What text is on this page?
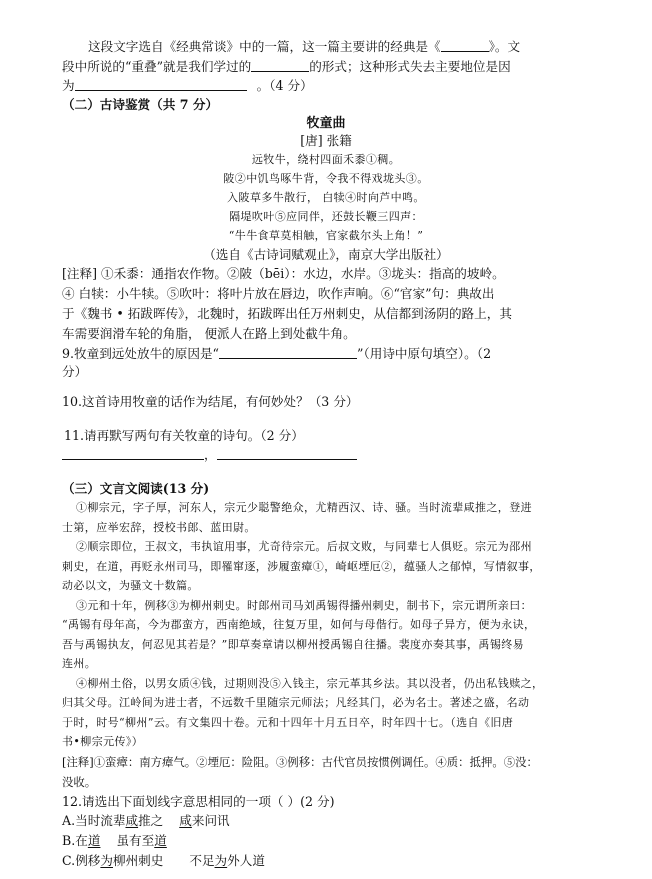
这段文字选自《经典常谈》中的一篇，这一篇主要讲的经典是《	》。文
段中所说的“重叠”就是我们学过的	的形式；这种形式失去主要地位是因
为	。（4 分）
（二）古诗鉴赏（共 7 分）
牧童曲
[唐] 张籍
远牧牛，绕村四面禾黍①稠。
陂②中饥鸟啄牛背，令我不得戏垅头③。
入陂草多牛散行， 白犊④时向芦中鸣。
隔堤吹叶⑤应同伴，还鼓长鞭三四声：
“牛牛食草莫相触，官家截尔头上角！”
（选自《古诗词赋观止》，南京大学出版社）
[注释] ①禾黍：通指农作物。②陂（bēi）：水边，水岸。③垅头：指高的坡岭。
④ 白犊：小牛犊。⑤吹叶：将叶片放在唇边，吹作声响。⑥“官家”句：典故出
于《魏书 • 拓跋晖传》，北魏时，拓跋晖出任万州刺史，从信都到汤阴的路上，其
车需要润滑车轮的角脂， 便派人在路上到处截牛角。
9.牧童到远处放牛的原因是“	”（用诗中原句填空）。（2
分）
10.这首诗用牧童的话作为结尾，有何妙处？（3 分）
11.请再默写两句有关牧童的诗句。（2 分）
，
（三）文言文阅读(13 分)
①柳宗元，字子厚，河东人，宗元少聪警绝众，尤精西汉、诗、骚。当时流辈咸推之，登进
士第，应举宏辞，授校书郎、蓝田尉。
②顺宗即位，王叔文，韦执谊用事，尤奇待宗元。后叔文败，与同辈七人俱贬。宗元为邵州
刺史，在道，再贬永州司马，即罹窜逐，涉履蛮瘴①，崎岖堙厄②，蕴骚人之郁悼，写情叙事，
动必以文，为骚文十数篇。
③元和十年，例移③为柳州刺史。时郎州司马刘禹锡得播州刺史，制书下，宗元谓所亲曰：
“禹锡有母年高，今为郡蛮方，西南绝域，往复万里，如何与母偕行。如母子异方，便为永诀，
吾与禹锡执友，何忍见其若是？”即草奏章请以柳州授禹锡自往播。裴度亦奏其事，禹锡终易
连州。
④柳州土俗，以男女质④钱，过期则没⑤入钱主，宗元革其乡法。其以没者，仍出私钱赎之，
归其父母。江岭间为进士者，不远数千里随宗元师法；凡经其门，必为名士。著述之盛，名动
于时，时号“柳州”云。有文集四十卷。元和十四年十月五日卒，时年四十七。（选自《旧唐
书•柳宗元传》）
[注释]①蛮瘴：南方瘴气。②堙厄：险阻。③例移：古代官员按惯例调任。④质：抵押。⑤没：
没收。
12.请选出下面划线字意思相同的一项（ ）(2 分)
A.当时流辈咸推之 咸来问讯
B.在道 虽有至道
C.例移为柳州刺史 不足为外人道
